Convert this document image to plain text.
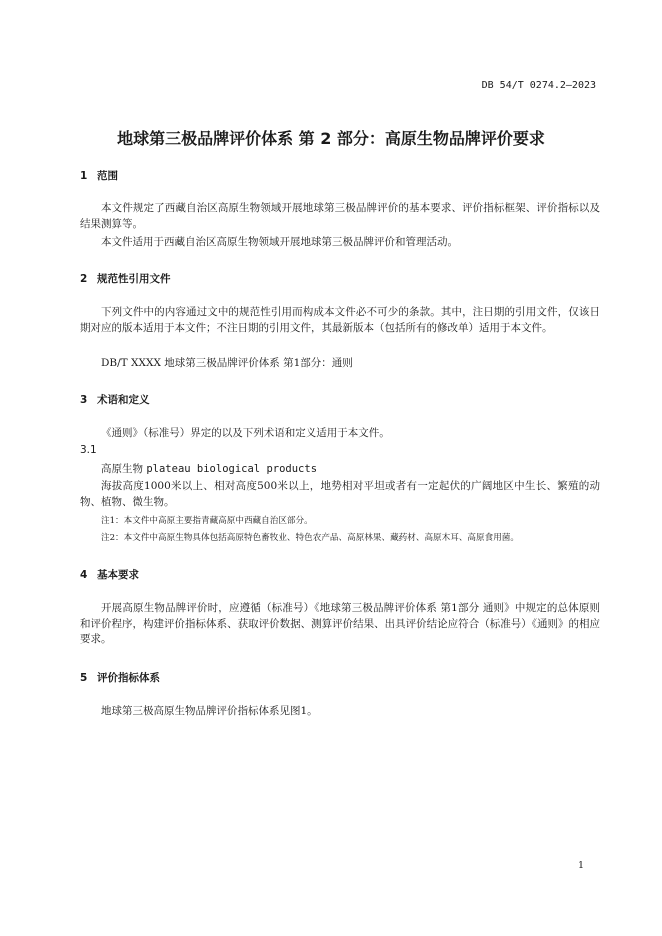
DB 54/T 0274.2—2023
地球第三极品牌评价体系 第 2 部分：高原生物品牌评价要求
1 范围

本文件规定了西藏自治区高原生物领域开展地球第三极品牌评价的基本要求、评价指标框架、评价指标以及结果测算等。

本文件适用于西藏自治区高原生物领域开展地球第三极品牌评价和管理活动。
2 规范性引用文件

下列文件中的内容通过文中的规范性引用而构成本文件必不可少的条款。其中，注日期的引用文件，仅该日期对应的版本适用于本文件；不注日期的引用文件，其最新版本（包括所有的修改单）适用于本文件。

DB/T XXXX 地球第三极品牌评价体系 第1部分：通则
3 术语和定义
《通则》（标准号）界定的以及下列术语和定义适用于本文件。
3.1
高原生物 plateau biological products

海拔高度1000米以上、相对高度500米以上，地势相对平坦或者有一定起伏的广阔地区中生长、繁殖的动物、植物、微生物。

注1：本文件中高原主要指青藏高原中西藏自治区部分。
注2：本文件中高原生物具体包括高原特色畜牧业、特色农产品、高原林果、藏药材、高原木耳、高原食用菌。
4 基本要求

开展高原生物品牌评价时，应遵循（标准号）《地球第三极品牌评价体系 第1部分 通则》中规定的总体原则和评价程序，构建评价指标体系、获取评价数据、测算评价结果、出具评价结论应符合（标准号）《通则》的相应要求。

5 评价指标体系
地球第三极高原生物品牌评价指标体系见图1。
1
